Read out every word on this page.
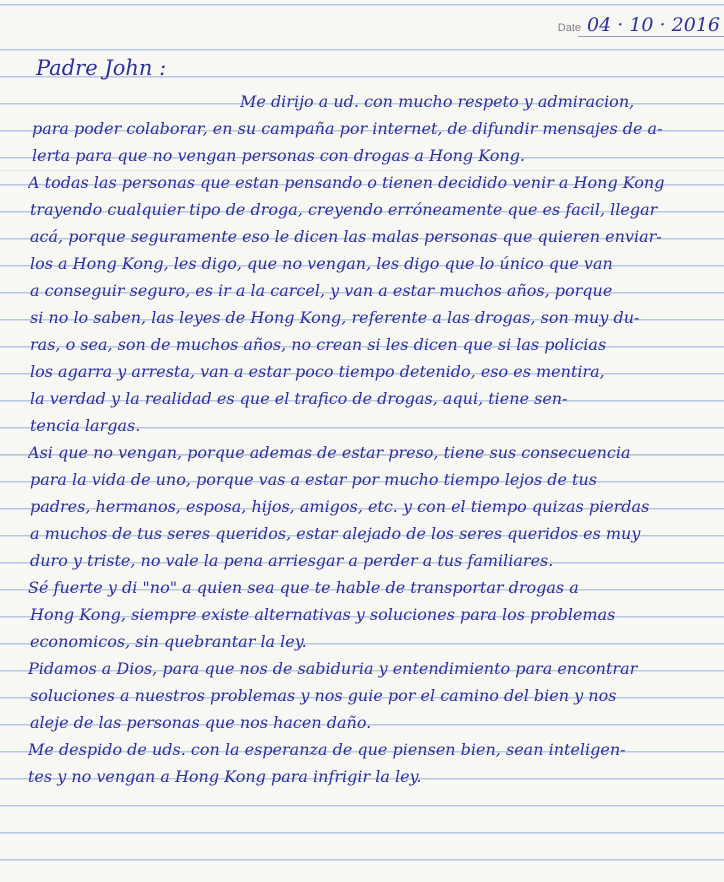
Date 04 · 10 · 2016
Padre John :
Me dirijo a ud. con mucho respeto y admiracion,
para poder colaborar, en su campaña por internet, de difundir mensajes de a-
lerta para que no vengan personas con drogas a Hong Kong.
A todas las personas que estan pensando o tienen decidido venir a Hong Kong
trayendo cualquier tipo de droga, creyendo erróneamente que es facil, llegar
acá, porque seguramente eso le dicen las malas personas que quieren enviar-
los a Hong Kong, les digo, que no vengan, les digo que lo único que van
a conseguir seguro, es ir a la carcel, y van a estar muchos años, porque
si no lo saben, las leyes de Hong Kong, referente a las drogas, son muy du-
ras, o sea, son de muchos años, no crean si les dicen que si las policias
los agarra y arresta, van a estar poco tiempo detenido, eso es mentira,
la verdad y la realidad es que el trafico de drogas, aqui, tiene sen-
tencia largas.
Asi que no vengan, porque ademas de estar preso, tiene sus consecuencia
para la vida de uno, porque vas a estar por mucho tiempo lejos de tus
padres, hermanos, esposa, hijos, amigos, etc. y con el tiempo quizas pierdas
a muchos de tus seres queridos, estar alejado de los seres queridos es muy
duro y triste, no vale la pena arriesgar a perder a tus familiares.
Sé fuerte y di "no" a quien sea que te hable de transportar drogas a
Hong Kong, siempre existe alternativas y soluciones para los problemas
economicos, sin quebrantar la ley.
Pidamos a Dios, para que nos de sabiduria y entendimiento para encontrar
soluciones a nuestros problemas y nos guie por el camino del bien y nos
aleje de las personas que nos hacen daño.
Me despido de uds. con la esperanza de que piensen bien, sean inteligen-
tes y no vengan a Hong Kong para infrigir la ley.
